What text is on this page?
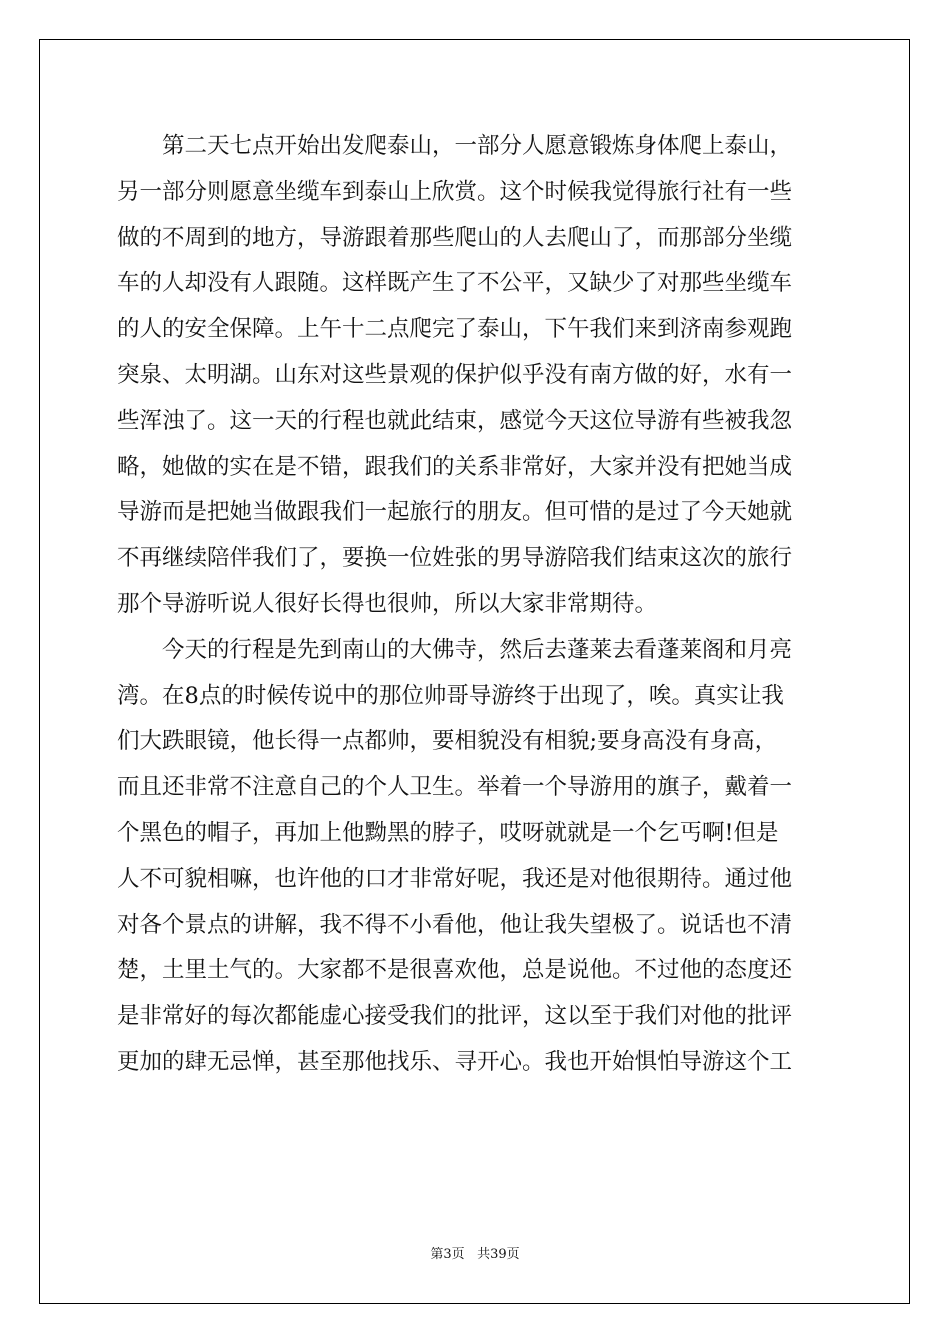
第二天七点开始出发爬泰山，一部分人愿意锻炼身体爬上泰山，
另一部分则愿意坐缆车到泰山上欣赏。这个时候我觉得旅行社有一些
做的不周到的地方，导游跟着那些爬山的人去爬山了，而那部分坐缆
车的人却没有人跟随。这样既产生了不公平，又缺少了对那些坐缆车
的人的安全保障。上午十二点爬完了泰山，下午我们来到济南参观跑
突泉、太明湖。山东对这些景观的保护似乎没有南方做的好，水有一
些浑浊了。这一天的行程也就此结束，感觉今天这位导游有些被我忽
略，她做的实在是不错，跟我们的关系非常好，大家并没有把她当成
导游而是把她当做跟我们一起旅行的朋友。但可惜的是过了今天她就
不再继续陪伴我们了，要换一位姓张的男导游陪我们结束这次的旅行
那个导游听说人很好长得也很帅，所以大家非常期待。
今天的行程是先到南山的大佛寺，然后去蓬莱去看蓬莱阁和月亮
湾。在8点的时候传说中的那位帅哥导游终于出现了，唉。真实让我
们大跌眼镜，他长得一点都帅，要相貌没有相貌;要身高没有身高，
而且还非常不注意自己的个人卫生。举着一个导游用的旗子，戴着一
个黑色的帽子，再加上他黝黑的脖子，哎呀就就是一个乞丐啊!但是
人不可貌相嘛，也许他的口才非常好呢，我还是对他很期待。通过他
对各个景点的讲解，我不得不小看他，他让我失望极了。说话也不清
楚，土里土气的。大家都不是很喜欢他，总是说他。不过他的态度还
是非常好的每次都能虚心接受我们的批评，这以至于我们对他的批评
更加的肆无忌惮，甚至那他找乐、寻开心。我也开始惧怕导游这个工
第3页 共39页
